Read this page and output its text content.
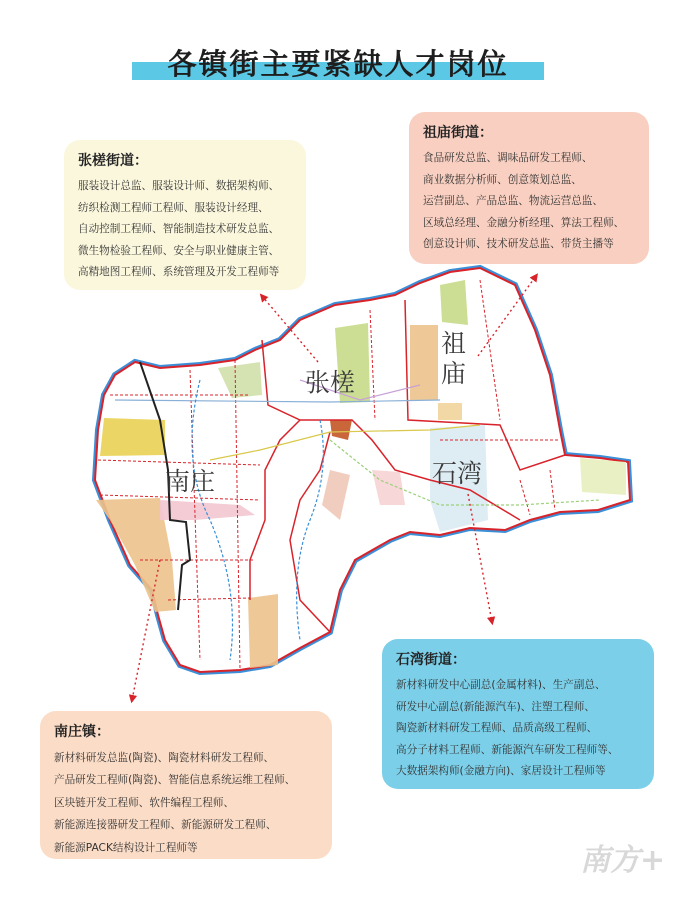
各镇街主要紧缺人才岗位
南庄
张槎
祖
庙
石湾
张槎街道：
服装设计总监、服装设计师、数据架构师、
纺织检测工程师工程师、服装设计经理、
自动控制工程师、智能制造技术研发总监、
微生物检验工程师、安全与职业健康主管、
高精地图工程师、系统管理及开发工程师等
祖庙街道：
食品研发总监、调味品研发工程师、
商业数据分析师、创意策划总监、
运营副总、产品总监、物流运营总监、
区域总经理、金融分析经理、算法工程师、
创意设计师、技术研发总监、带货主播等
石湾街道：
新材料研发中心副总(金属材料)、生产副总、
研发中心副总(新能源汽车)、注塑工程师、
陶瓷新材料研发工程师、品质高级工程师、
高分子材料工程师、新能源汽车研发工程师等、
大数据架构师(金融方向)、家居设计工程师等
南庄镇：
新材料研发总监(陶瓷)、陶瓷材料研发工程师、
产品研发工程师(陶瓷)、智能信息系统运维工程师、
区块链开发工程师、软件编程工程师、
新能源连接器研发工程师、新能源研发工程师、
新能源PACK结构设计工程师等	南方+
